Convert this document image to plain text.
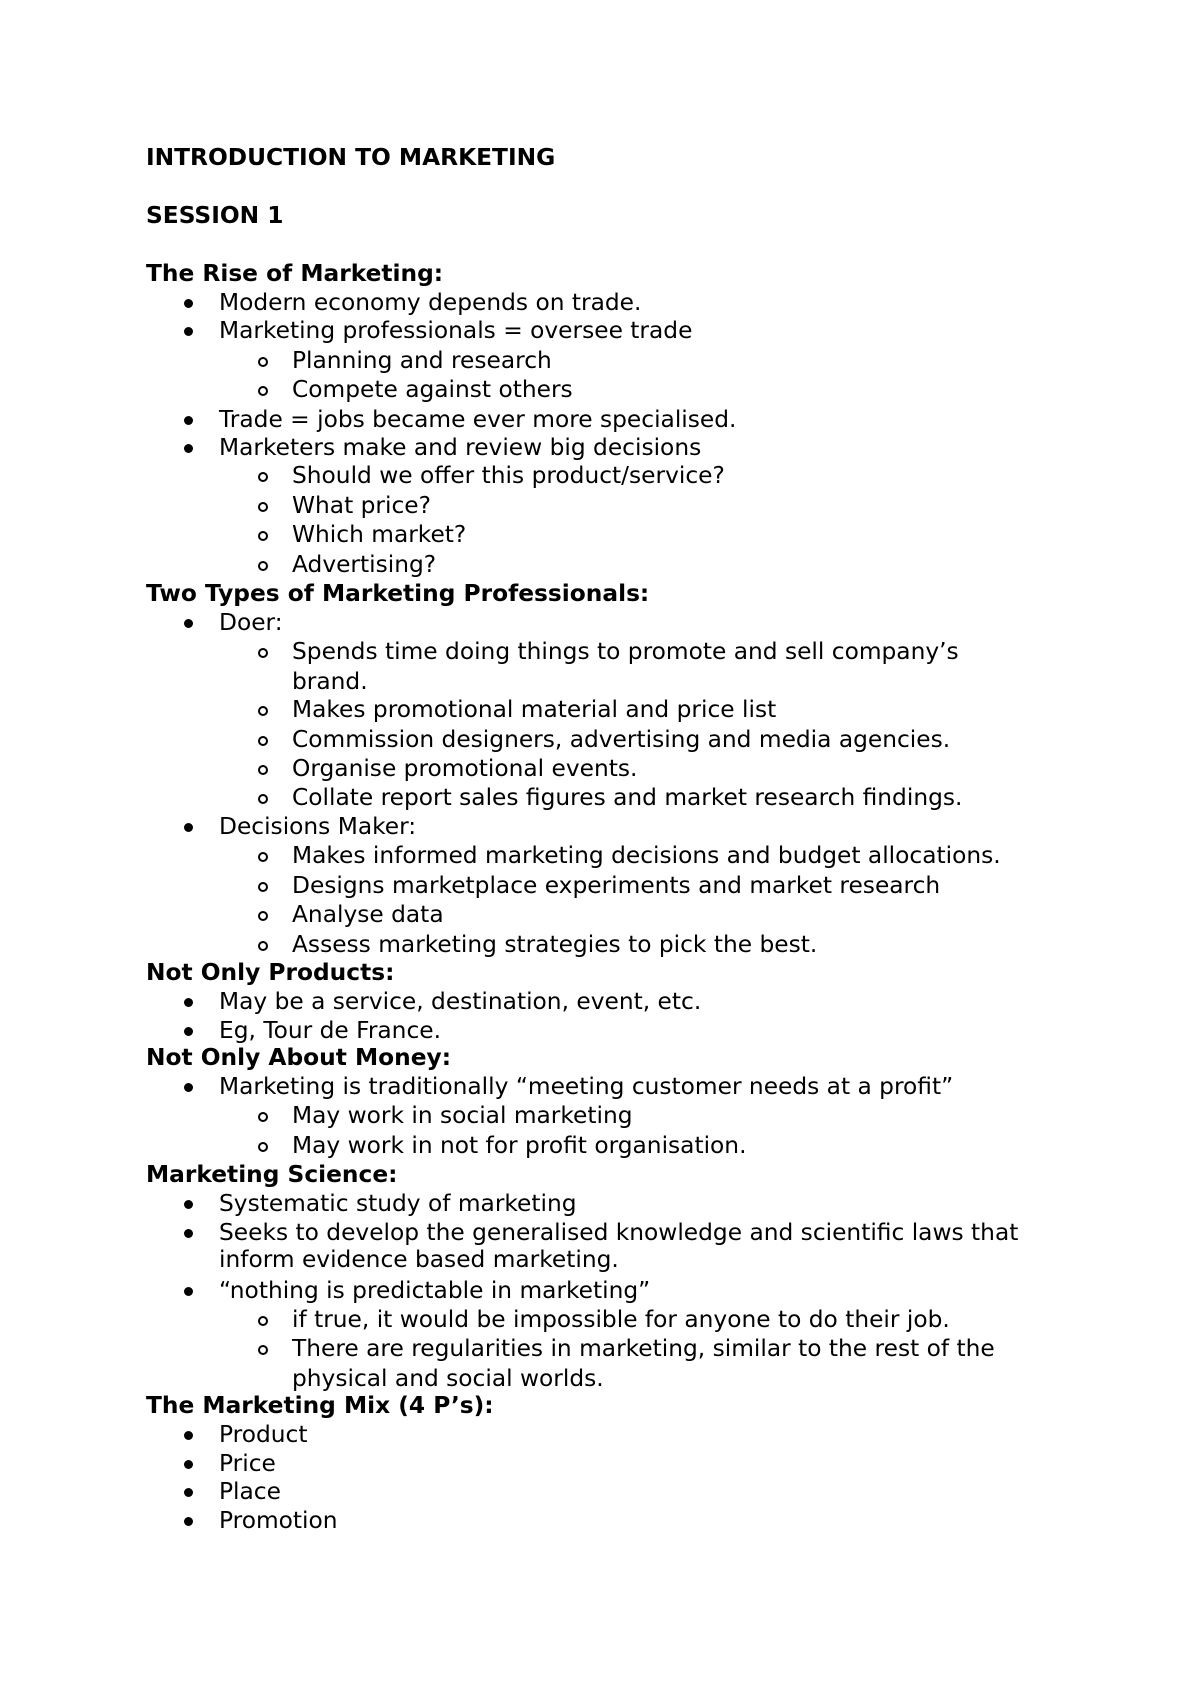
INTRODUCTION TO MARKETING
SESSION 1
The Rise of Marketing:
Modern economy depends on trade.
Marketing professionals = oversee trade
Planning and research
Compete against others
Trade = jobs became ever more specialised.
Marketers make and review big decisions
Should we offer this product/service?
What price?
Which market?
Advertising?
Two Types of Marketing Professionals:
Doer:
Spends time doing things to promote and sell company’s
brand.
Makes promotional material and price list
Commission designers, advertising and media agencies.
Organise promotional events.
Collate report sales figures and market research findings.
Decisions Maker:
Makes informed marketing decisions and budget allocations.
Designs marketplace experiments and market research
Analyse data
Assess marketing strategies to pick the best.
Not Only Products:
May be a service, destination, event, etc.
Eg, Tour de France.
Not Only About Money:
Marketing is traditionally “meeting customer needs at a profit”
May work in social marketing
May work in not for profit organisation.
Marketing Science:
Systematic study of marketing
Seeks to develop the generalised knowledge and scientific laws that
inform evidence based marketing.
“nothing is predictable in marketing”
if true, it would be impossible for anyone to do their job.
There are regularities in marketing, similar to the rest of the
physical and social worlds.
The Marketing Mix (4 P’s):
Product
Price
Place
Promotion
